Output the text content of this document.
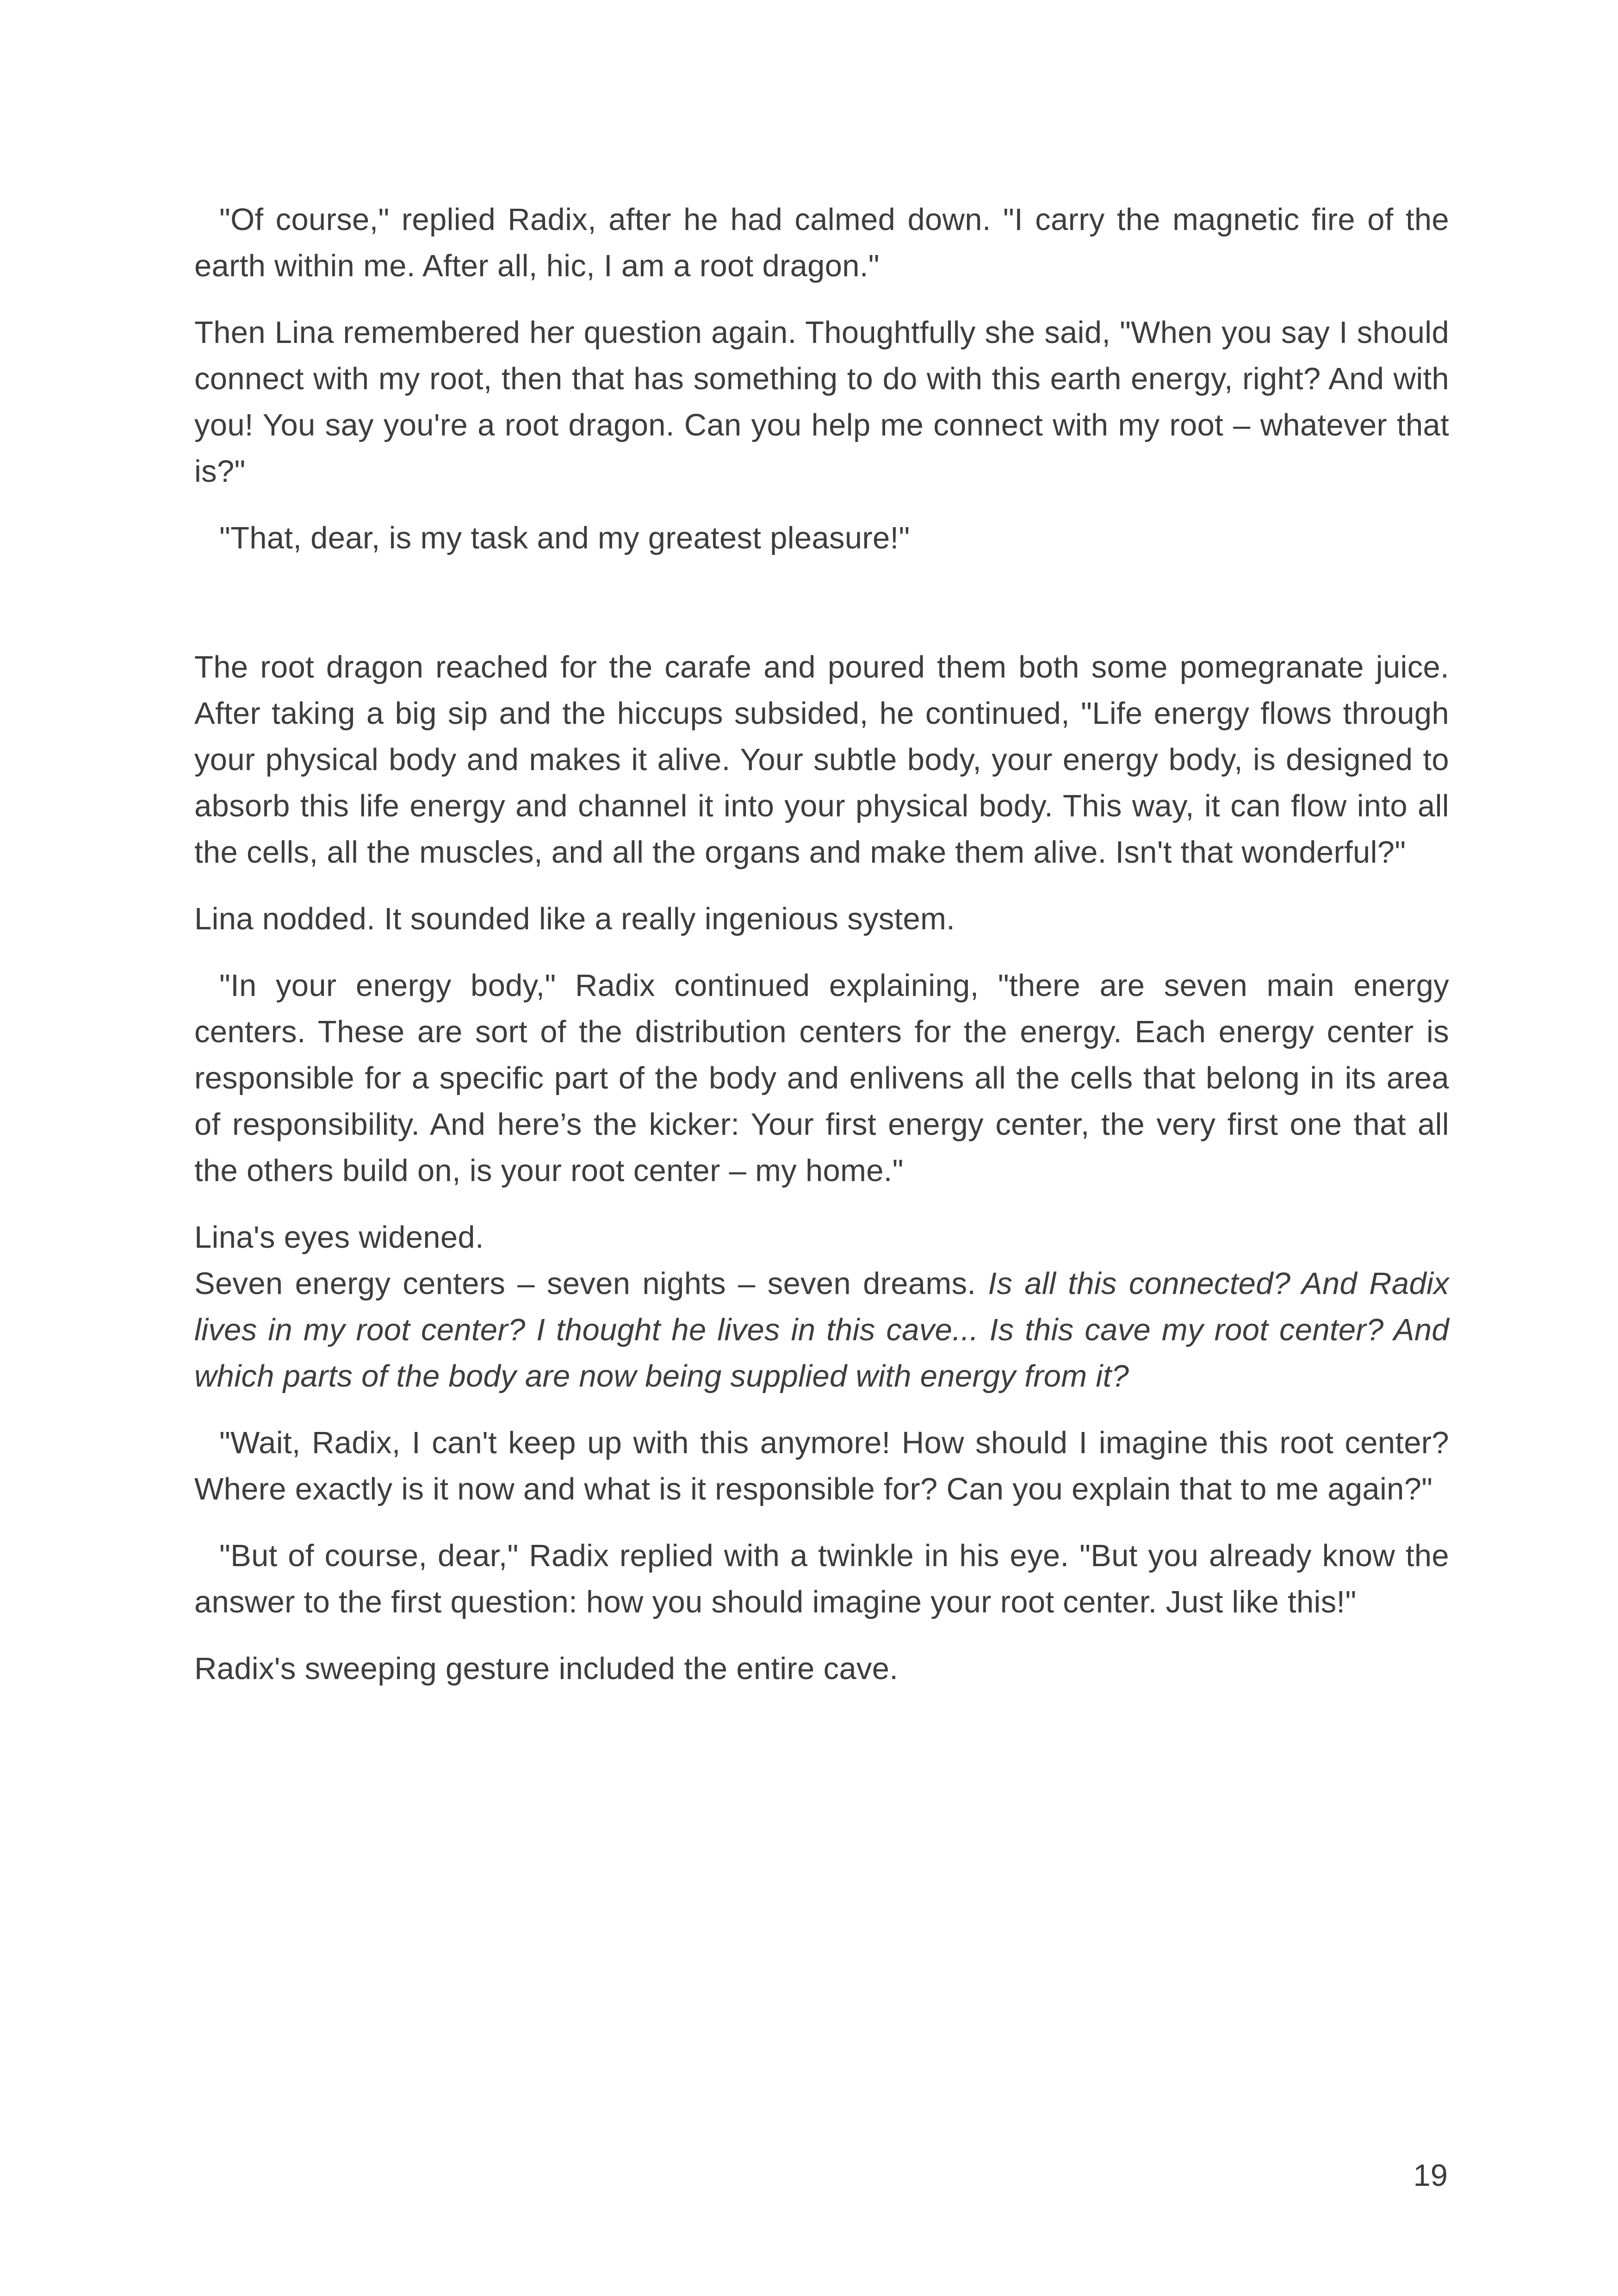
"Of course," replied Radix, after he had calmed down. "I carry the magnetic fire of the earth within me. After all, hic, I am a root dragon."

Then Lina remembered her question again. Thoughtfully she said, "When you say I should connect with my root, then that has something to do with this earth energy, right? And with you! You say you're a root dragon. Can you help me connect with my root – whatever that is?"

"That, dear, is my task and my greatest pleasure!"

The root dragon reached for the carafe and poured them both some pomegranate juice. After taking a big sip and the hiccups subsided, he continued, "Life energy flows through your physical body and makes it alive. Your subtle body, your energy body, is designed to absorb this life energy and channel it into your physical body. This way, it can flow into all the cells, all the muscles, and all the organs and make them alive. Isn't that wonderful?"

Lina nodded. It sounded like a really ingenious system.

"In your energy body," Radix continued explaining, "there are seven main energy centers. These are sort of the distribution centers for the energy. Each energy center is responsible for a specific part of the body and enlivens all the cells that belong in its area of responsibility. And here’s the kicker: Your first energy center, the very first one that all the others build on, is your root center – my home."

Lina's eyes widened.

Seven energy centers – seven nights – seven dreams. Is all this connected? And Radix lives in my root center? I thought he lives in this cave... Is this cave my root center? And which parts of the body are now being supplied with energy from it?

"Wait, Radix, I can't keep up with this anymore! How should I imagine this root center? Where exactly is it now and what is it responsible for? Can you explain that to me again?"

"But of course, dear," Radix replied with a twinkle in his eye. "But you already know the answer to the first question: how you should imagine your root center. Just like this!"

Radix's sweeping gesture included the entire cave.

19
